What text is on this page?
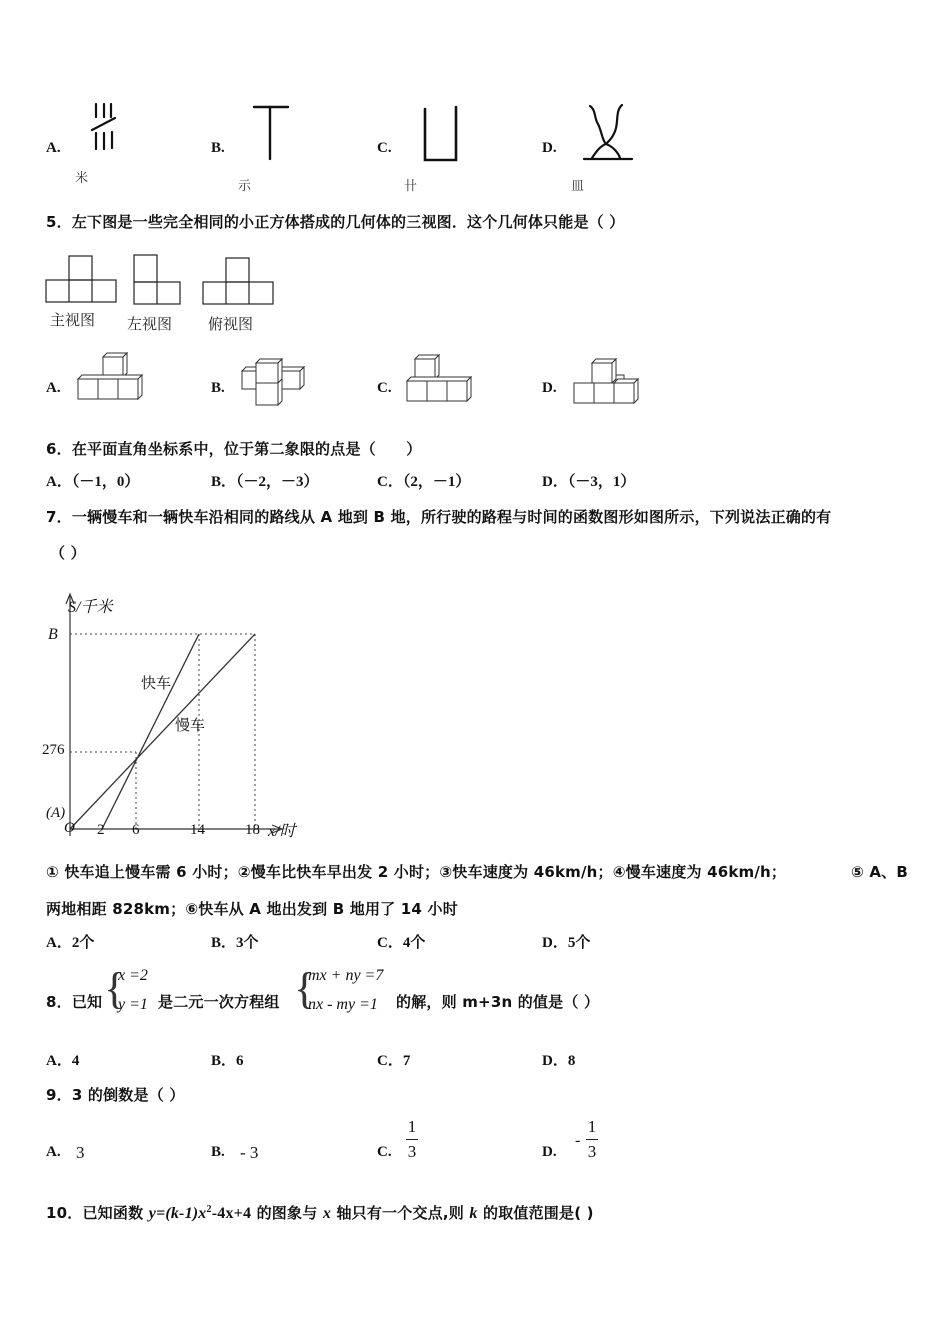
A.
米
B.
示
C.
卄
D.
皿
5．左下图是一些完全相同的小正方体搭成的几何体的三视图．这个几何体只能是（ ）
主视图 左视图 俯视图
A.	B.	C.	D.
6．在平面直角坐标系中，位于第二象限的点是（　　）
A．（－1，0）	B．（－2，－3）	C．（2，－1）	D．（－3，1）
7．一辆慢车和一辆快车沿相同的路线从 A 地到 B 地，所行驶的路程与时间的函数图形如图所示，下列说法正确的有
（ ）
S/千米
B
276
(A)
O 2 6	14	18 x/时
快车
慢车
① 快车追上慢车需 6 小时；②慢车比快车早出发 2 小时；③快车速度为 46km/h；④慢车速度为 46km/h；	⑤ A、B
两地相距 828km；⑥快车从 A 地出发到 B 地用了 14 小时
A．2个	B．3个	C．4个	D．5个
8．已知 {
x =2
y =1 是二元一次方程组 {
mx + ny =7
nx - my =1 的解，则 m+3n 的值是（ ）
A．4	B．6	C．7	D．8
9．3 的倒数是（ ）
A. 3	B. - 3	C.
1
3	D.
-
1
3
10．已知函数 $y=(k-1)x^2-4x+4$ 的图象与 x 轴只有一个交点,则 k 的取值范围是( )
